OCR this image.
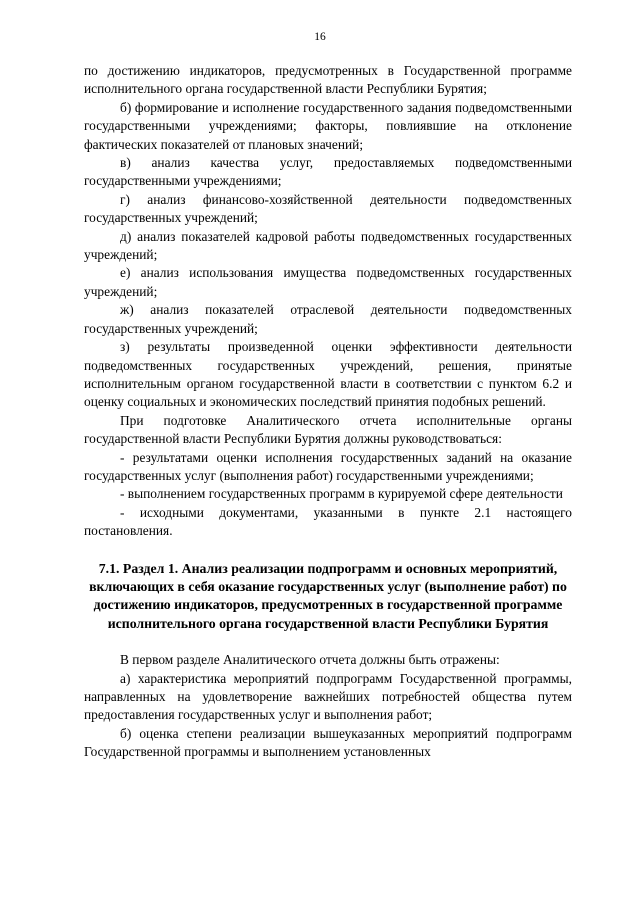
16

по достижению индикаторов, предусмотренных в Государственной программе исполнительного органа государственной власти Республики Бурятия;

б) формирование и исполнение государственного задания подведомственными государственными учреждениями; факторы, повлиявшие на отклонение фактических показателей от плановых значений;

в) анализ качества услуг, предоставляемых подведомственными государственными учреждениями;

г) анализ финансово-хозяйственной деятельности подведомственных государственных учреждений;

д) анализ показателей кадровой работы подведомственных государственных учреждений;

е) анализ использования имущества подведомственных государственных учреждений;

ж) анализ показателей отраслевой деятельности подведомственных государственных учреждений;

з) результаты произведенной оценки эффективности деятельности подведомственных государственных учреждений, решения, принятые исполнительным органом государственной власти в соответствии с пунктом 6.2 и оценку социальных и экономических последствий принятия подобных решений.

При подготовке Аналитического отчета исполнительные органы государственной власти Республики Бурятия должны руководствоваться:

- результатами оценки исполнения государственных заданий на оказание государственных услуг (выполнения работ) государственными учреждениями;

- выполнением государственных программ в курируемой сфере деятельности

- исходными документами, указанными в пункте 2.1 настоящего постановления.

7.1. Раздел 1. Анализ реализации подпрограмм и основных мероприятий, включающих в себя оказание государственных услуг (выполнение работ) по достижению индикаторов, предусмотренных в государственной программе исполнительного органа государственной власти Республики Бурятия

В первом разделе Аналитического отчета должны быть отражены:

а) характеристика мероприятий подпрограмм Государственной программы, направленных на удовлетворение важнейших потребностей общества путем предоставления государственных услуг и выполнения работ;

б) оценка степени реализации вышеуказанных мероприятий подпрограмм Государственной программы и выполнением установленных
